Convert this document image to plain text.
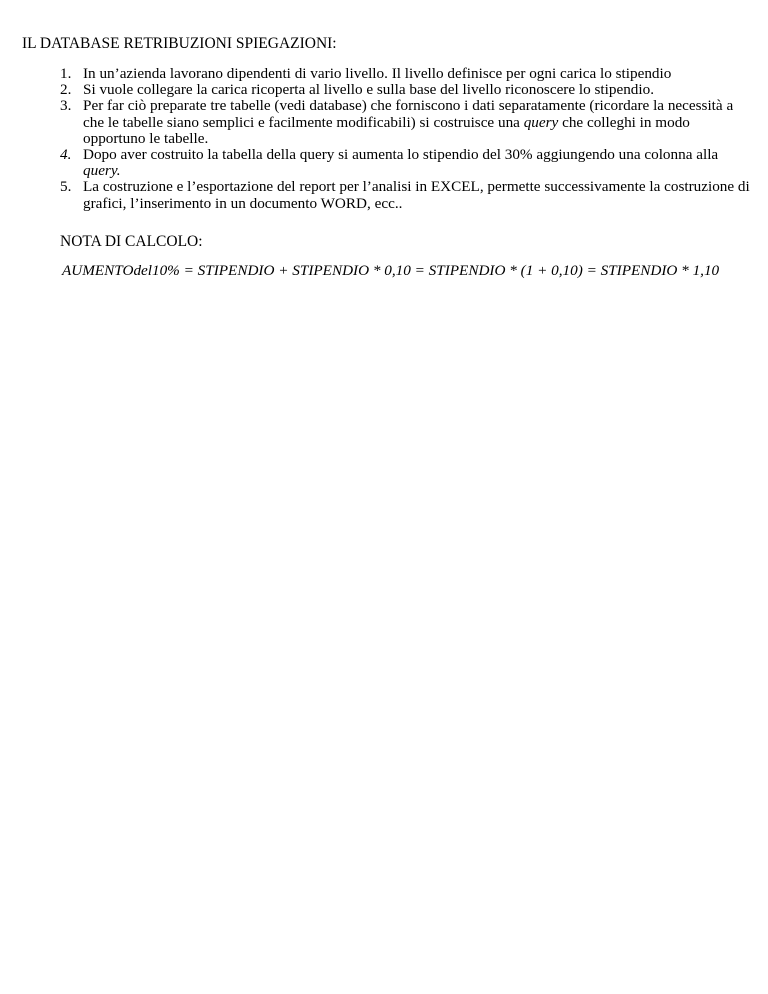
IL DATABASE RETRIBUZIONI SPIEGAZIONI:
1. In un’azienda lavorano dipendenti di vario livello. Il livello definisce per ogni carica lo stipendio
2. Si vuole collegare la carica ricoperta al livello e sulla base del livello riconoscere lo stipendio.
3. Per far ciò preparate tre tabelle (vedi database) che forniscono i dati separatamente (ricordare la necessità a che le tabelle siano semplici e facilmente modificabili) si costruisce una query che colleghi in modo opportuno le tabelle.
4. Dopo aver costruito la tabella della query si aumenta lo stipendio del 30% aggiungendo una colonna alla query.
5. La costruzione e l’esportazione del report per l’analisi in EXCEL, permette successivamente la costruzione di grafici, l’inserimento in un documento WORD, ecc..
NOTA DI CALCOLO:
AUMENTOdel10% = STIPENDIO + STIPENDIO * 0,10 = STIPENDIO * (1 + 0,10) = STIPENDIO * 1,10
